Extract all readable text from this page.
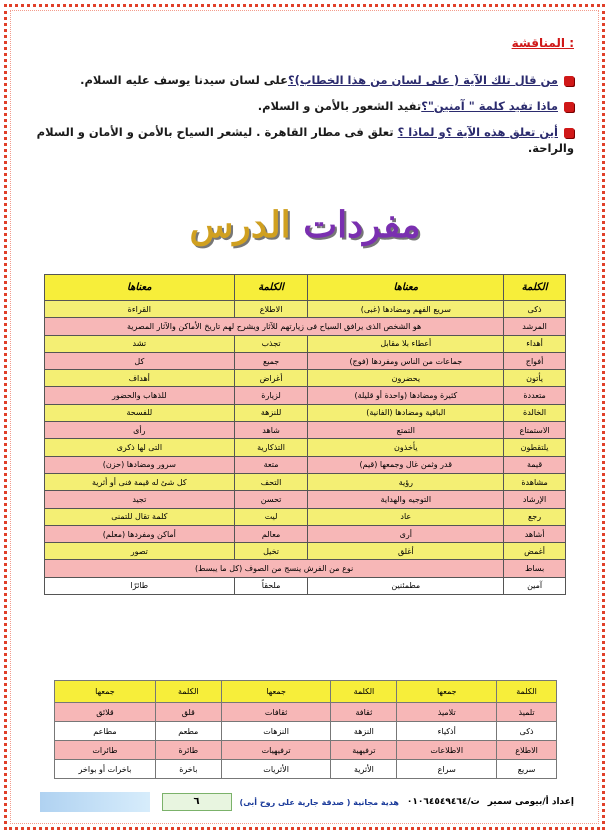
المناقشة :

من قال تلك الآية ( على لسان من هذا الخطاب)؟على لسان سيدنا يوسف عليه السلام.

ماذا تفيد كلمة " آمنين"؟تفيد الشعور بالأمن و السلام.

أين تعلق هذه الآية ؟و لماذا ؟ تعلق فى مطار القاهرة . ليشعر السياح بالأمن و الأمان و السلام والراحة.

مفردات الدرس
الكلمة	معناها	الكلمة	معناها
ذكى	سريع الفهم ومضادها (غبى)	الاطلاع	القراءة
المرشد	هو الشخص الذى يرافق السياح فى زيارتهم للآثار ويشرح لهم تاريخ الأماكن والآثار المصرية		
أهداء	أعطاء بلا مقابل	تجذب	تشد
أفواج	جماعات من الناس ومفردها (فوج)	جميع	كل
يأتون	يحضرون	أغراض	أهداف
متعددة	كثيرة ومضادها (واحدة أو قليلة)	لزيارة	للذهاب والحضور
الخالدة	الباقية ومضادها (الفانية)	للنزهة	للفسحة
الاستمتاع	التمتع	شاهد	رأى
يلتقطون	يأخذون	التذكارية	التى لها ذكرى
قيمة	قدر وثمن غال وجمعها (قيم)	متعة	سرور ومضادها (حزن)
مشاهدة	رؤية	التحف	كل شئ له قيمة فنى أو أثرية
الإرشاد	التوجيه والهداية	تحسن	تجيد
رجع	عاد	ليت	كلمة تقال للتمنى
أشاهد	أرى	معالم	أماكن ومفردها (معلم)
أغمض	أغلق	تخيل	تصور
بساط	نوع من الفرش ينسج من الصوف (كل ما يبسط)		
آمين	مطمئنين	ملحقاً	طائرًا
الكلمة	جمعها	الكلمة	جمعها	الكلمة	جمعها
تلميذ	تلاميذ	ثقافة	ثقافات	قلق	قلائق
ذكى	أذكياء	النزهة	النزهات	مطعم	مطاعم
الاطلاع	الاطلاعات	ترفيهية	ترفيهيات	طائرة	طائرات
سريع	سراع	الأثرية	الأثريات	باخرة	باخرات أو بواخر
إعداد أ/بيومى سمير
ت/٠١٠٦٤٥٤٩٤٦٤
هدية مجانية ( صدقة جارية على روح أبى)
٦
